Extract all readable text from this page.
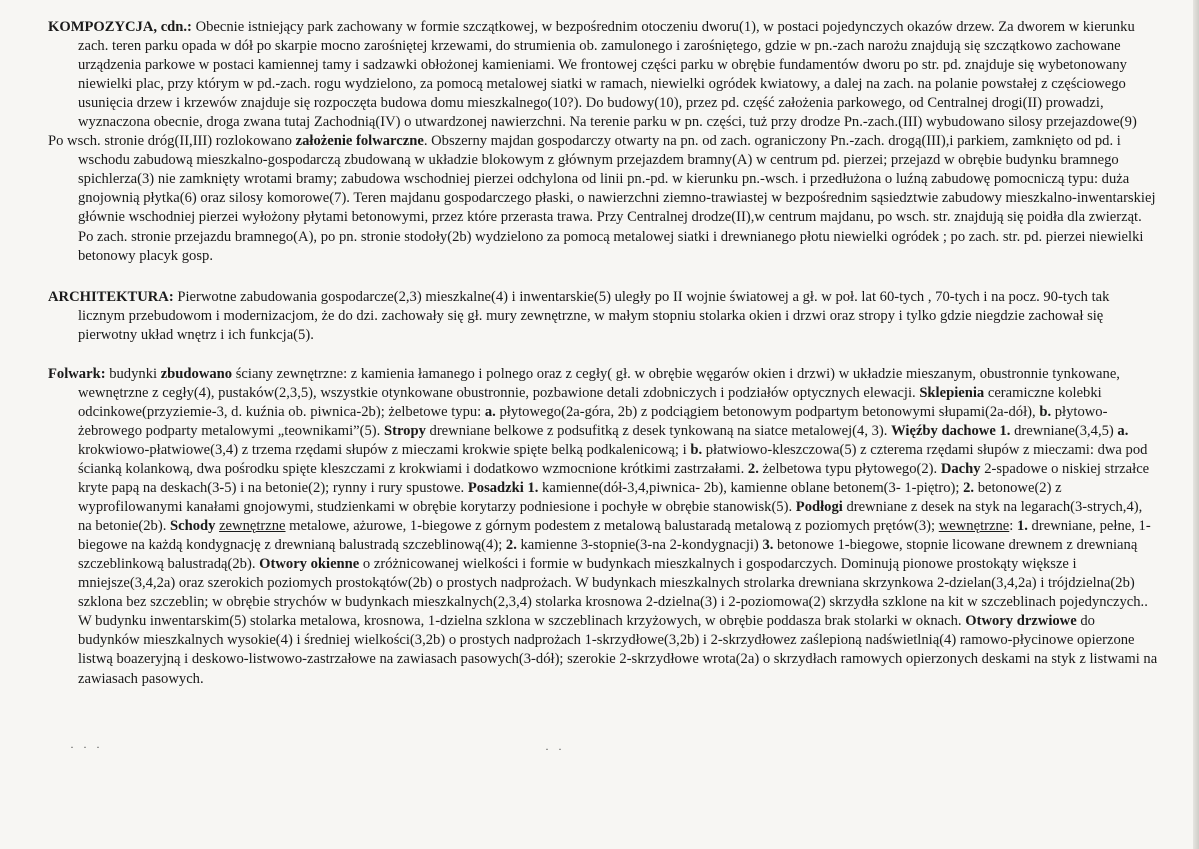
KOMPOZYCJA, cdn.: Obecnie istniejący park zachowany w formie szczątkowej, w bezpośrednim otoczeniu dworu(1), w postaci pojedynczych okazów drzew. Za dworem w kierunku zach. teren parku opada w dół po skarpie mocno zarośniętej krzewami, do strumienia ob. zamulonego i zarośniętego, gdzie w pn.-zach narożu znajdują się szczątkowo zachowane urządzenia parkowe w postaci kamiennej tamy i sadzawki obłożonej kamieniami. We frontowej części parku w obrębie fundamentów dworu po str. pd. znajduje się wybetonowany niewielki plac, przy którym w pd.-zach. rogu wydzielono, za pomocą metalowej siatki w ramach, niewielki ogródek kwiatowy, a dalej na zach. na polanie powstałej z częściowego usunięcia drzew i krzewów znajduje się rozpoczęta budowa domu mieszkalnego(10?). Do budowy(10), przez pd. część założenia parkowego, od Centralnej drogi(II) prowadzi, wyznaczona obecnie, droga zwana tutaj Zachodnią(IV) o utwardzonej nawierzchni. Na terenie parku w pn. części, tuż przy drodze Pn.-zach.(III) wybudowano silosy przejazdowe(9)
Po wsch. stronie dróg(II,III) rozlokowano założenie folwarczne. Obszerny majdan gospodarczy otwarty na pn. od zach. ograniczony Pn.-zach. drogą(III),i parkiem, zamknięto od pd. i wschodu zabudową mieszkalno-gospodarczą zbudowaną w układzie blokowym z głównym przejazdem bramny(A) w centrum pd. pierzei; przejazd w obrębie budynku bramnego spichlerza(3) nie zamknięty wrotami bramy; zabudowa wschodniej pierzei odchylona od linii pn.-pd. w kierunku pn.-wsch. i przedłużona o luźną zabudowę pomocniczą typu: duża gnojownią płytka(6) oraz silosy komorowe(7). Teren majdanu gospodarczego płaski, o nawierzchni ziemno-trawiastej w bezpośrednim sąsiedztwie zabudowy mieszkalno-inwentarskiej głównie wschodniej pierzei wyłożony płytami betonowymi, przez które przerasta trawa. Przy Centralnej drodze(II),w centrum majdanu, po wsch. str. znajdują się poidła dla zwierząt. Po zach. stronie przejazdu bramnego(A), po pn. stronie stodoły(2b) wydzielono za pomocą metalowej siatki i drewnianego płotu niewielki ogródek ; po zach. str. pd. pierzei niewielki betonowy placyk gosp.

ARCHITEKTURA: Pierwotne zabudowania gospodarcze(2,3) mieszkalne(4) i inwentarskie(5) uległy po II wojnie światowej a gł. w poł. lat 60-tych , 70-tych i na pocz. 90-tych tak licznym przebudowom i modernizacjom, że do dzi. zachowały się gł. mury zewnętrzne, w małym stopniu stolarka okien i drzwi oraz stropy i tylko gdzie niegdzie zachował się pierwotny układ wnętrz i ich funkcja(5).

Folwark: budynki zbudowano ściany zewnętrzne: z kamienia łamanego i polnego oraz z cegły( gł. w obrębie węgarów okien i drzwi) w układzie mieszanym, obustronnie tynkowane, wewnętrzne z cegły(4), pustaków(2,3,5), wszystkie otynkowane obustronnie, pozbawione detali zdobniczych i podziałów optycznych elewacji. Sklepienia ceramiczne kolebki odcinkowe(przyziemie-3, d. kuźnia ob. piwnica-2b); żelbetowe typu: a. płytowego(2a-góra, 2b) z podciągiem betonowym podpartym betonowymi słupami(2a-dół), b. płytowo-żebrowego podparty metalowymi „teownikami”(5). Stropy drewniane belkowe z podsufitką z desek tynkowaną na siatce metalowej(4, 3). Więźby dachowe 1. drewniane(3,4,5) a. krokwiowo-płatwiowe(3,4) z trzema rzędami słupów z mieczami krokwie spięte belką podkalenicową; i b. płatwiowo-kleszczowa(5) z czterema rzędami słupów z mieczami: dwa pod ścianką kolankową, dwa pośrodku spięte kleszczami z krokwiami i dodatkowo wzmocnione krótkimi zastrzałami. 2. żelbetowa typu płytowego(2). Dachy 2-spadowe o niskiej strzałce kryte papą na deskach(3-5) i na betonie(2); rynny i rury spustowe. Posadzki 1. kamienne(dół-3,4,piwnica- 2b), kamienne oblane betonem(3- 1-piętro); 2. betonowe(2) z wyprofilowanymi kanałami gnojowymi, studzienkami w obrębie korytarzy podniesione i pochyłe w obrębie stanowisk(5). Podłogi drewniane z desek na styk na legarach(3-strych,4), na betonie(2b). Schody zewnętrzne metalowe, ażurowe, 1-biegowe z górnym podestem z metalową balustaradą metalową z poziomych prętów(3); wewnętrzne: 1. drewniane, pełne, 1-biegowe na każdą kondygnację z drewnianą balustradą szczeblinową(4); 2. kamienne 3-stopnie(3-na 2-kondygnacji) 3. betonowe 1-biegowe, stopnie licowane drewnem z drewnianą szczeblinkową balustradą(2b). Otwory okienne o zróżnicowanej wielkości i formie w budynkach mieszkalnych i gospodarczych. Dominują pionowe prostokąty większe i mniejsze(3,4,2a) oraz szerokich poziomych prostokątów(2b) o prostych nadprożach. W budynkach mieszkalnych strolarka drewniana skrzynkowa 2-dzielan(3,4,2a) i trójdzielna(2b) szklona bez szczeblin; w obrębie strychów w budynkach mieszkalnych(2,3,4) stolarka krosnowa 2-dzielna(3) i 2-poziomowa(2) skrzydła szklone na kit w szczeblinach pojedynczych.. W budynku inwentarskim(5) stolarka metalowa, krosnowa, 1-dzielna szklona w szczeblinach krzyżowych, w obrębie poddasza brak stolarki w oknach. Otwory drzwiowe do budynków mieszkalnych wysokie(4) i średniej wielkości(3,2b) o prostych nadprożach 1-skrzydłowe(3,2b) i 2-skrzydłowez zaślepioną nadświetlnią(4) ramowo-płycinowe opierzone listwą boazeryjną i deskowo-listwowo-zastrzałowe na zawiasach pasowych(3-dół); szerokie 2-skrzydłowe wrota(2a) o skrzydłach ramowych opierzonych deskami na styk z listwami na zawiasach pasowych.

· · ·	· ·
